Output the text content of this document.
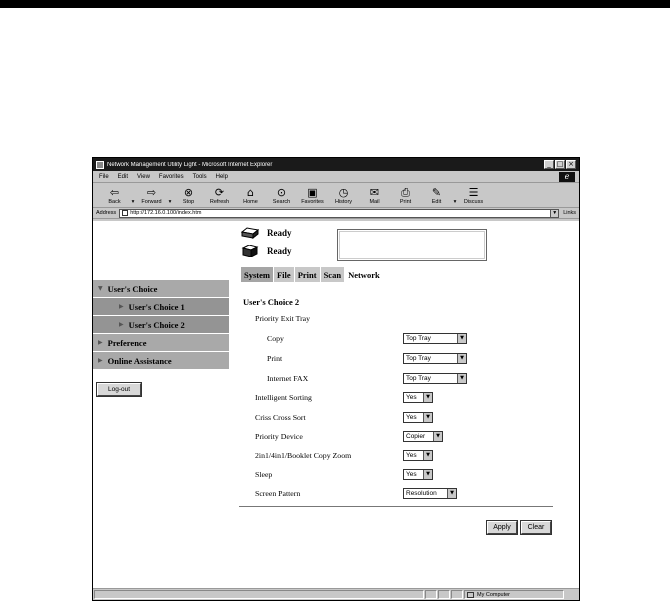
Network Management Utility Light - Microsoft Internet Explorer	_ □ ×
File Edit View Favorites Tools Help	e
⇦
Back ▾
⇨
Forward ▾
⊗
Stop
⟳
Refresh
⌂
Home
⊙
Search
▣
Favorites
◷
History
✉
Mail
⎙
Print
✎
Edit ▾
☰
Discuss
Address	http://172.16.0.100/index.htm	▼ Links
▼ User's Choice
▶ User's Choice 1
▶ User's Choice 2
▶ Preference
▶ Online Assistance
Log-out
Ready
Ready
System File Print Scan Network
User's Choice 2
Priority Exit Tray
Copy	Top Tray	▼
Print	Top Tray	▼
Internet FAX	Top Tray	▼
Intelligent Sorting	Yes	▼
Criss Cross Sort	Yes	▼
Priority Device	Copier	▼
2in1/4in1/Booklet Copy Zoom	Yes	▼
Sleep	Yes	▼
Screen Pattern	Resolution	▼
Apply	Clear
My Computer
